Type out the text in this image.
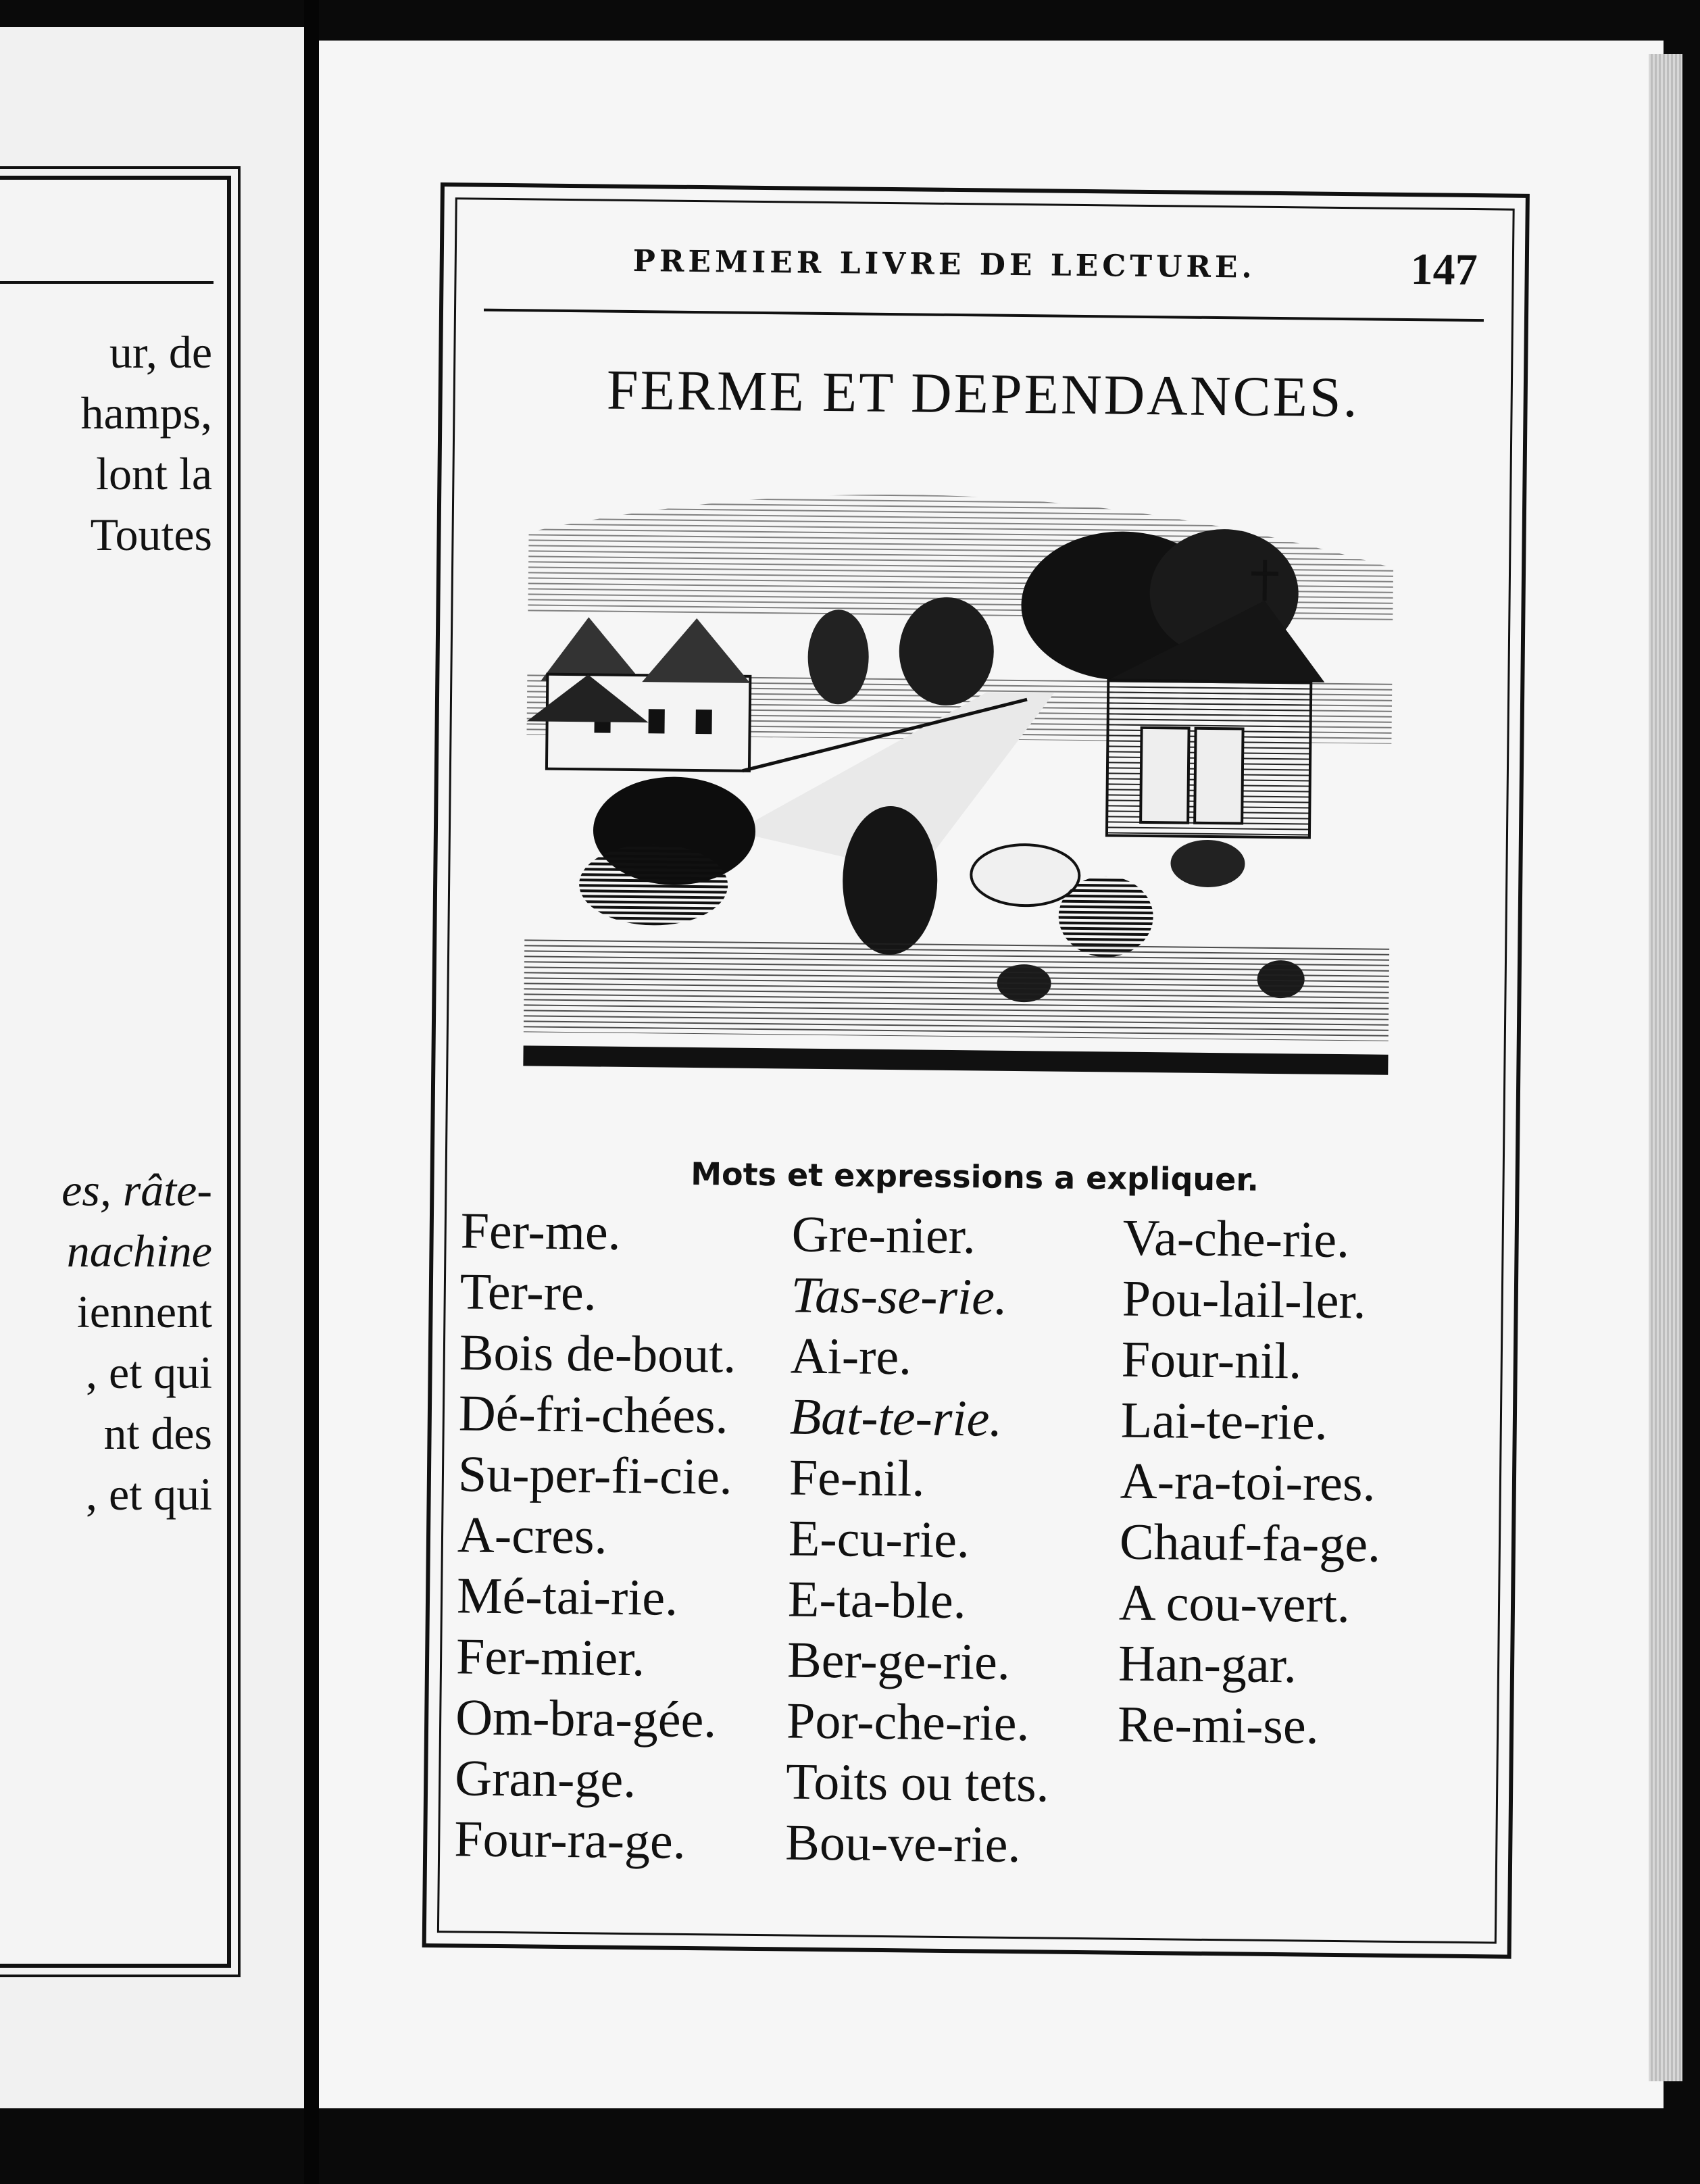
ur, de
hamps,
lont la
Toutes
es, râte-
nachine
iennent
, et qui
nt des
, et qui
PREMIER LIVRE DE LECTURE.	147
FERME ET DEPENDANCES.
Mots et expressions a expliquer.
Fer-me.
Ter-re.
Bois de-bout.
Dé-fri-chées.
Su-per-fi-cie.
A-cres.
Mé-tai-rie.
Fer-mier.
Om-bra-gée.
Gran-ge.
Four-ra-ge.
Gre-nier.
Tas-se-rie.
Ai-re.
Bat-te-rie.
Fe-nil.
E-cu-rie.
E-ta-ble.
Ber-ge-rie.
Por-che-rie.
Toits ou tets.
Bou-ve-rie.
Va-che-rie.
Pou-lail-ler.
Four-nil.
Lai-te-rie.
A-ra-toi-res.
Chauf-fa-ge.
A cou-vert.
Han-gar.
Re-mi-se.
